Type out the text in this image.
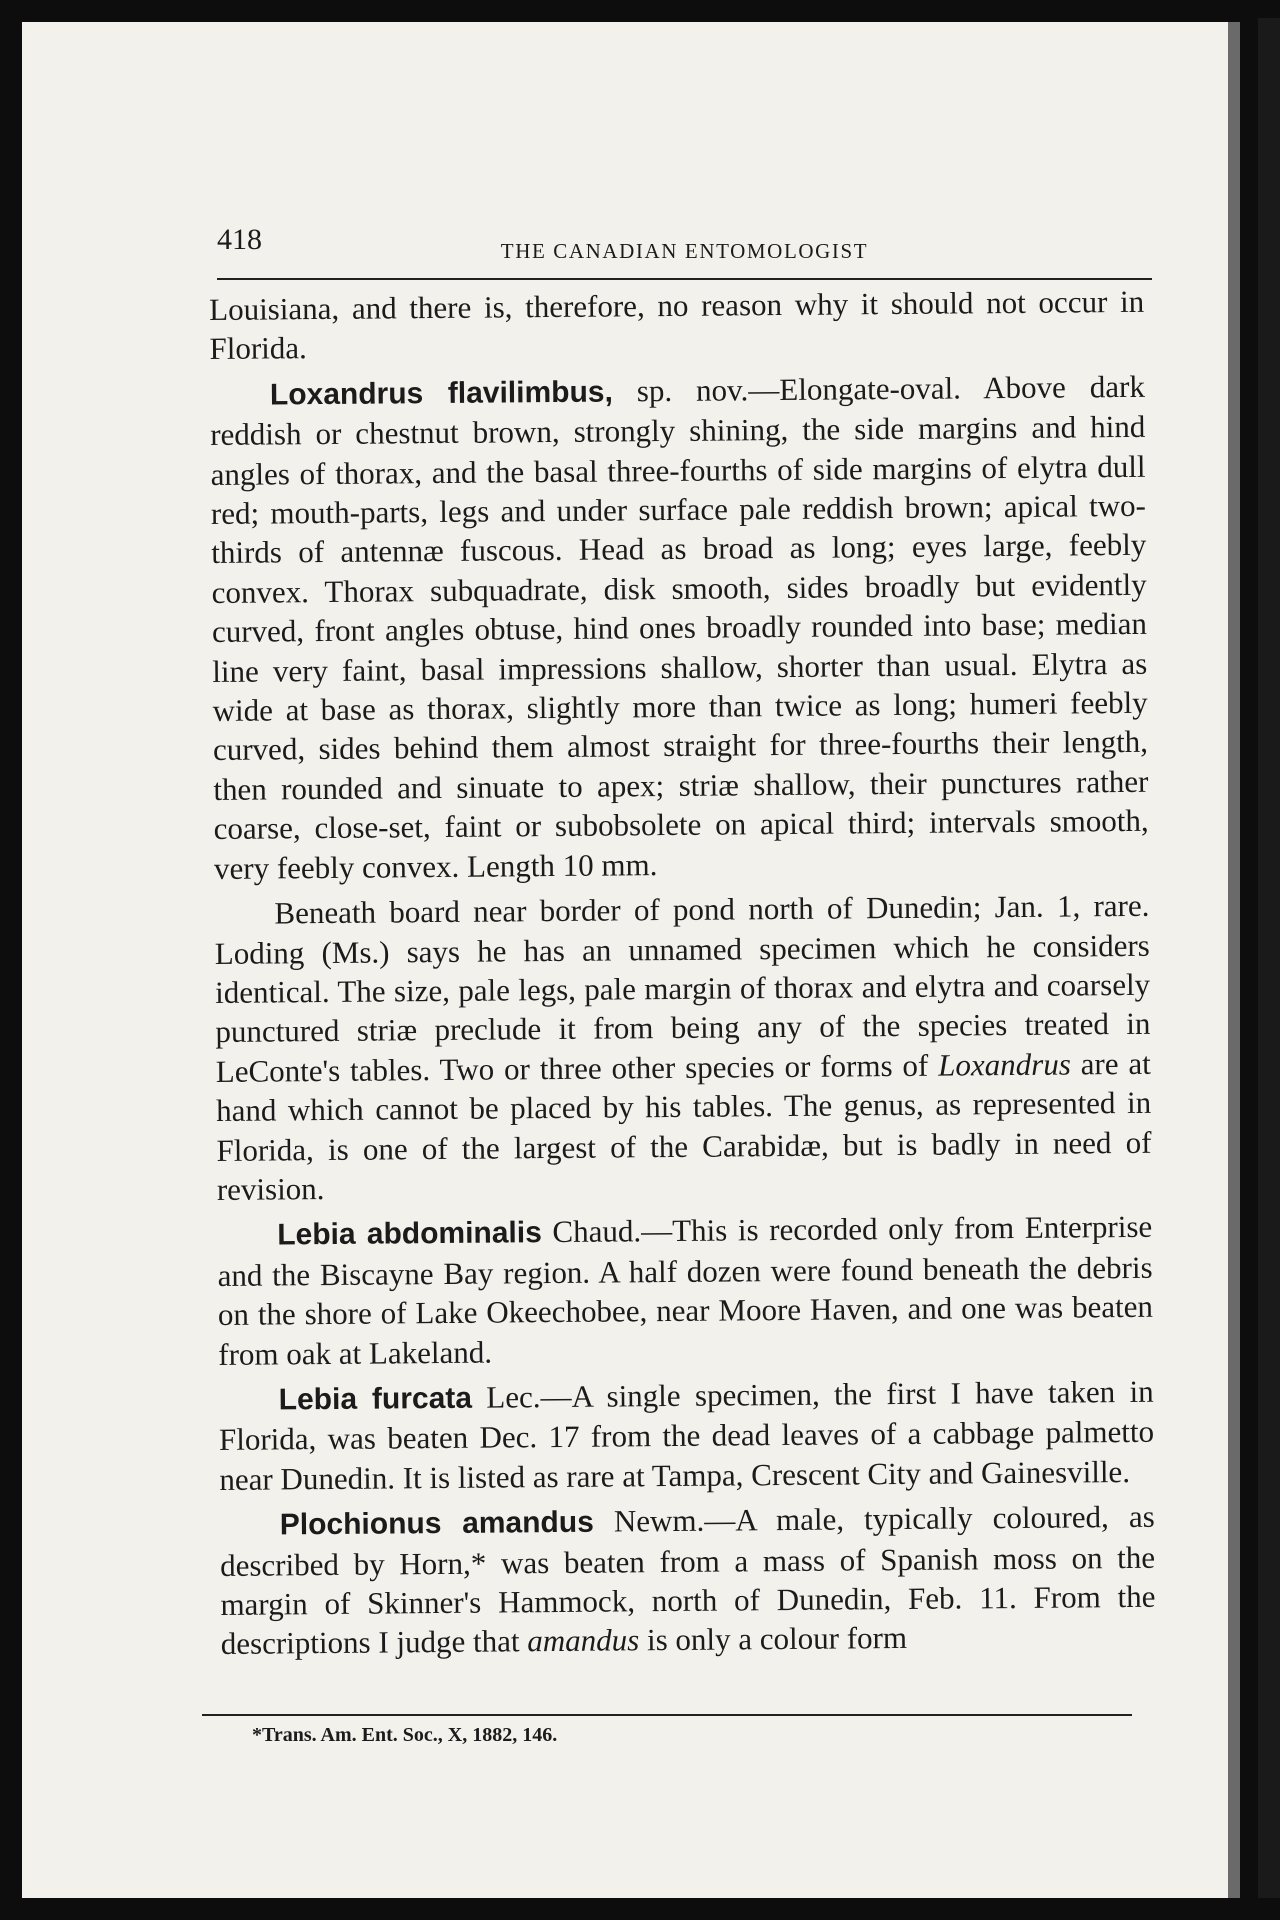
418	THE CANADIAN ENTOMOLOGIST

Louisiana, and there is, therefore, no reason why it should not occur in Florida.

Loxandrus flavilimbus, sp. nov.—Elongate-oval. Above dark reddish or chestnut brown, strongly shining, the side margins and hind angles of thorax, and the basal three-fourths of side margins of elytra dull red; mouth-parts, legs and under surface pale reddish brown; apical two-thirds of antennæ fuscous. Head as broad as long; eyes large, feebly convex. Thorax subquadrate, disk smooth, sides broadly but evidently curved, front angles obtuse, hind ones broadly rounded into base; median line very faint, basal impressions shallow, shorter than usual. Elytra as wide at base as thorax, slightly more than twice as long; humeri feebly curved, sides behind them almost straight for three-fourths their length, then rounded and sinuate to apex; striæ shallow, their punctures rather coarse, close-set, faint or subobsolete on apical third; intervals smooth, very feebly convex. Length 10 mm.

Beneath board near border of pond north of Dunedin; Jan. 1, rare. Loding (Ms.) says he has an unnamed specimen which he considers identical. The size, pale legs, pale margin of thorax and elytra and coarsely punctured striæ preclude it from being any of the species treated in LeConte's tables. Two or three other species or forms of Loxandrus are at hand which cannot be placed by his tables. The genus, as represented in Florida, is one of the largest of the Carabidæ, but is badly in need of revision.

Lebia abdominalis Chaud.—This is recorded only from Enterprise and the Biscayne Bay region. A half dozen were found beneath the debris on the shore of Lake Okeechobee, near Moore Haven, and one was beaten from oak at Lakeland.

Lebia furcata Lec.—A single specimen, the first I have taken in Florida, was beaten Dec. 17 from the dead leaves of a cabbage palmetto near Dunedin. It is listed as rare at Tampa, Crescent City and Gainesville.

Plochionus amandus Newm.—A male, typically coloured, as described by Horn,* was beaten from a mass of Spanish moss on the margin of Skinner's Hammock, north of Dunedin, Feb. 11. From the descriptions I judge that amandus is only a colour form

*Trans. Am. Ent. Soc., X, 1882, 146.
